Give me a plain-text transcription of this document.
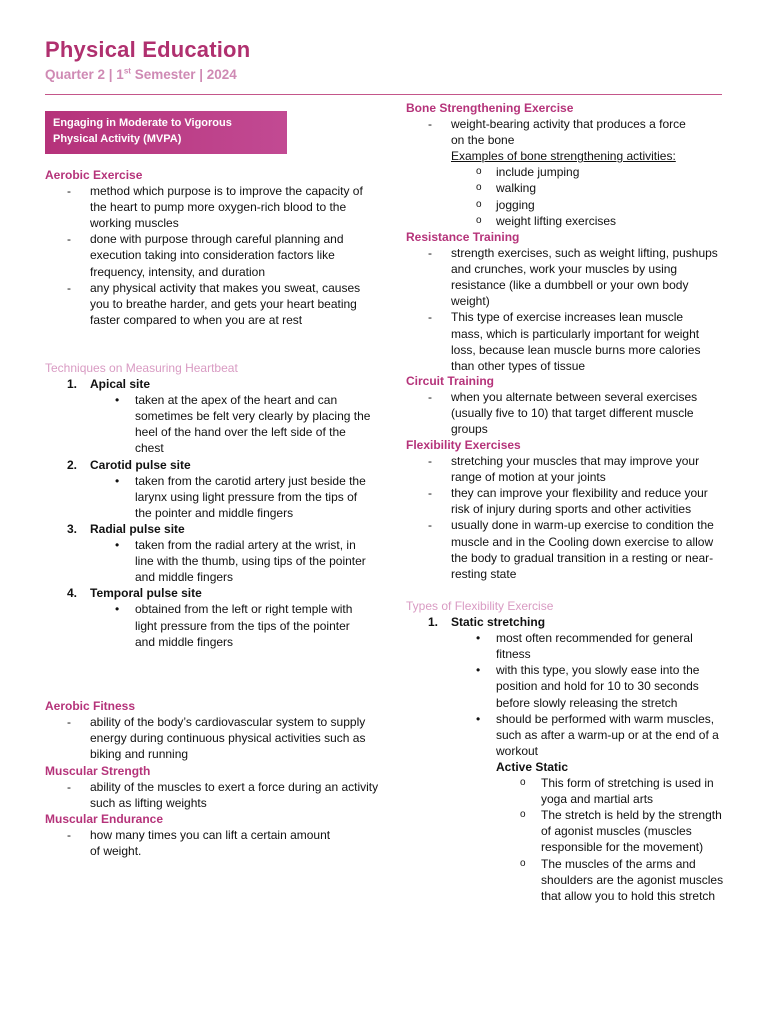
Physical Education
Quarter 2 | 1st Semester | 2024
Engaging in Moderate to Vigorous
Physical Activity (MVPA)
Aerobic Exercise
- method which purpose is to improve the capacity of the heart to pump more oxygen-rich blood to the working muscles
- done with purpose through careful planning and execution taking into consideration factors like frequency, intensity, and duration
- any physical activity that makes you sweat, causes you to breathe harder, and gets your heart beating faster compared to when you are at rest
Techniques on Measuring Heartbeat
1. Apical site
• taken at the apex of the heart and can sometimes be felt very clearly by placing the heel of the hand over the left side of the chest
2. Carotid pulse site
• taken from the carotid artery just beside the larynx using light pressure from the tips of the pointer and middle fingers
3. Radial pulse site
• taken from the radial artery at the wrist, in line with the thumb, using tips of the pointer and middle fingers
4. Temporal pulse site
• obtained from the left or right temple with light pressure from the tips of the pointer and middle fingers
Aerobic Fitness
- ability of the body’s cardiovascular system to supply energy during continuous physical activities such as biking and running
Muscular Strength
- ability of the muscles to exert a force during an activity such as lifting weights
Muscular Endurance
- how many times you can lift a certain amount of weight.
Bone Strengthening Exercise
- weight-bearing activity that produces a force on the bone
Examples of bone strengthening activities:
o include jumping
o walking
o jogging
o weight lifting exercises
Resistance Training
- strength exercises, such as weight lifting, pushups and crunches, work your muscles by using resistance (like a dumbbell or your own body weight)
- This type of exercise increases lean muscle mass, which is particularly important for weight loss, because lean muscle burns more calories than other types of tissue
Circuit Training
- when you alternate between several exercises (usually five to 10) that target different muscle groups
Flexibility Exercises
- stretching your muscles that may improve your range of motion at your joints
- they can improve your flexibility and reduce your risk of injury during sports and other activities
- usually done in warm-up exercise to condition the muscle and in the Cooling down exercise to allow the body to gradual transition in a resting or near-resting state
Types of Flexibility Exercise
1. Static stretching
• most often recommended for general fitness
• with this type, you slowly ease into the position and hold for 10 to 30 seconds before slowly releasing the stretch
• should be performed with warm muscles, such as after a warm-up or at the end of a workout
Active Static
o This form of stretching is used in yoga and martial arts
o The stretch is held by the strength of agonist muscles (muscles responsible for the movement)
o The muscles of the arms and shoulders are the agonist muscles that allow you to hold this stretch
